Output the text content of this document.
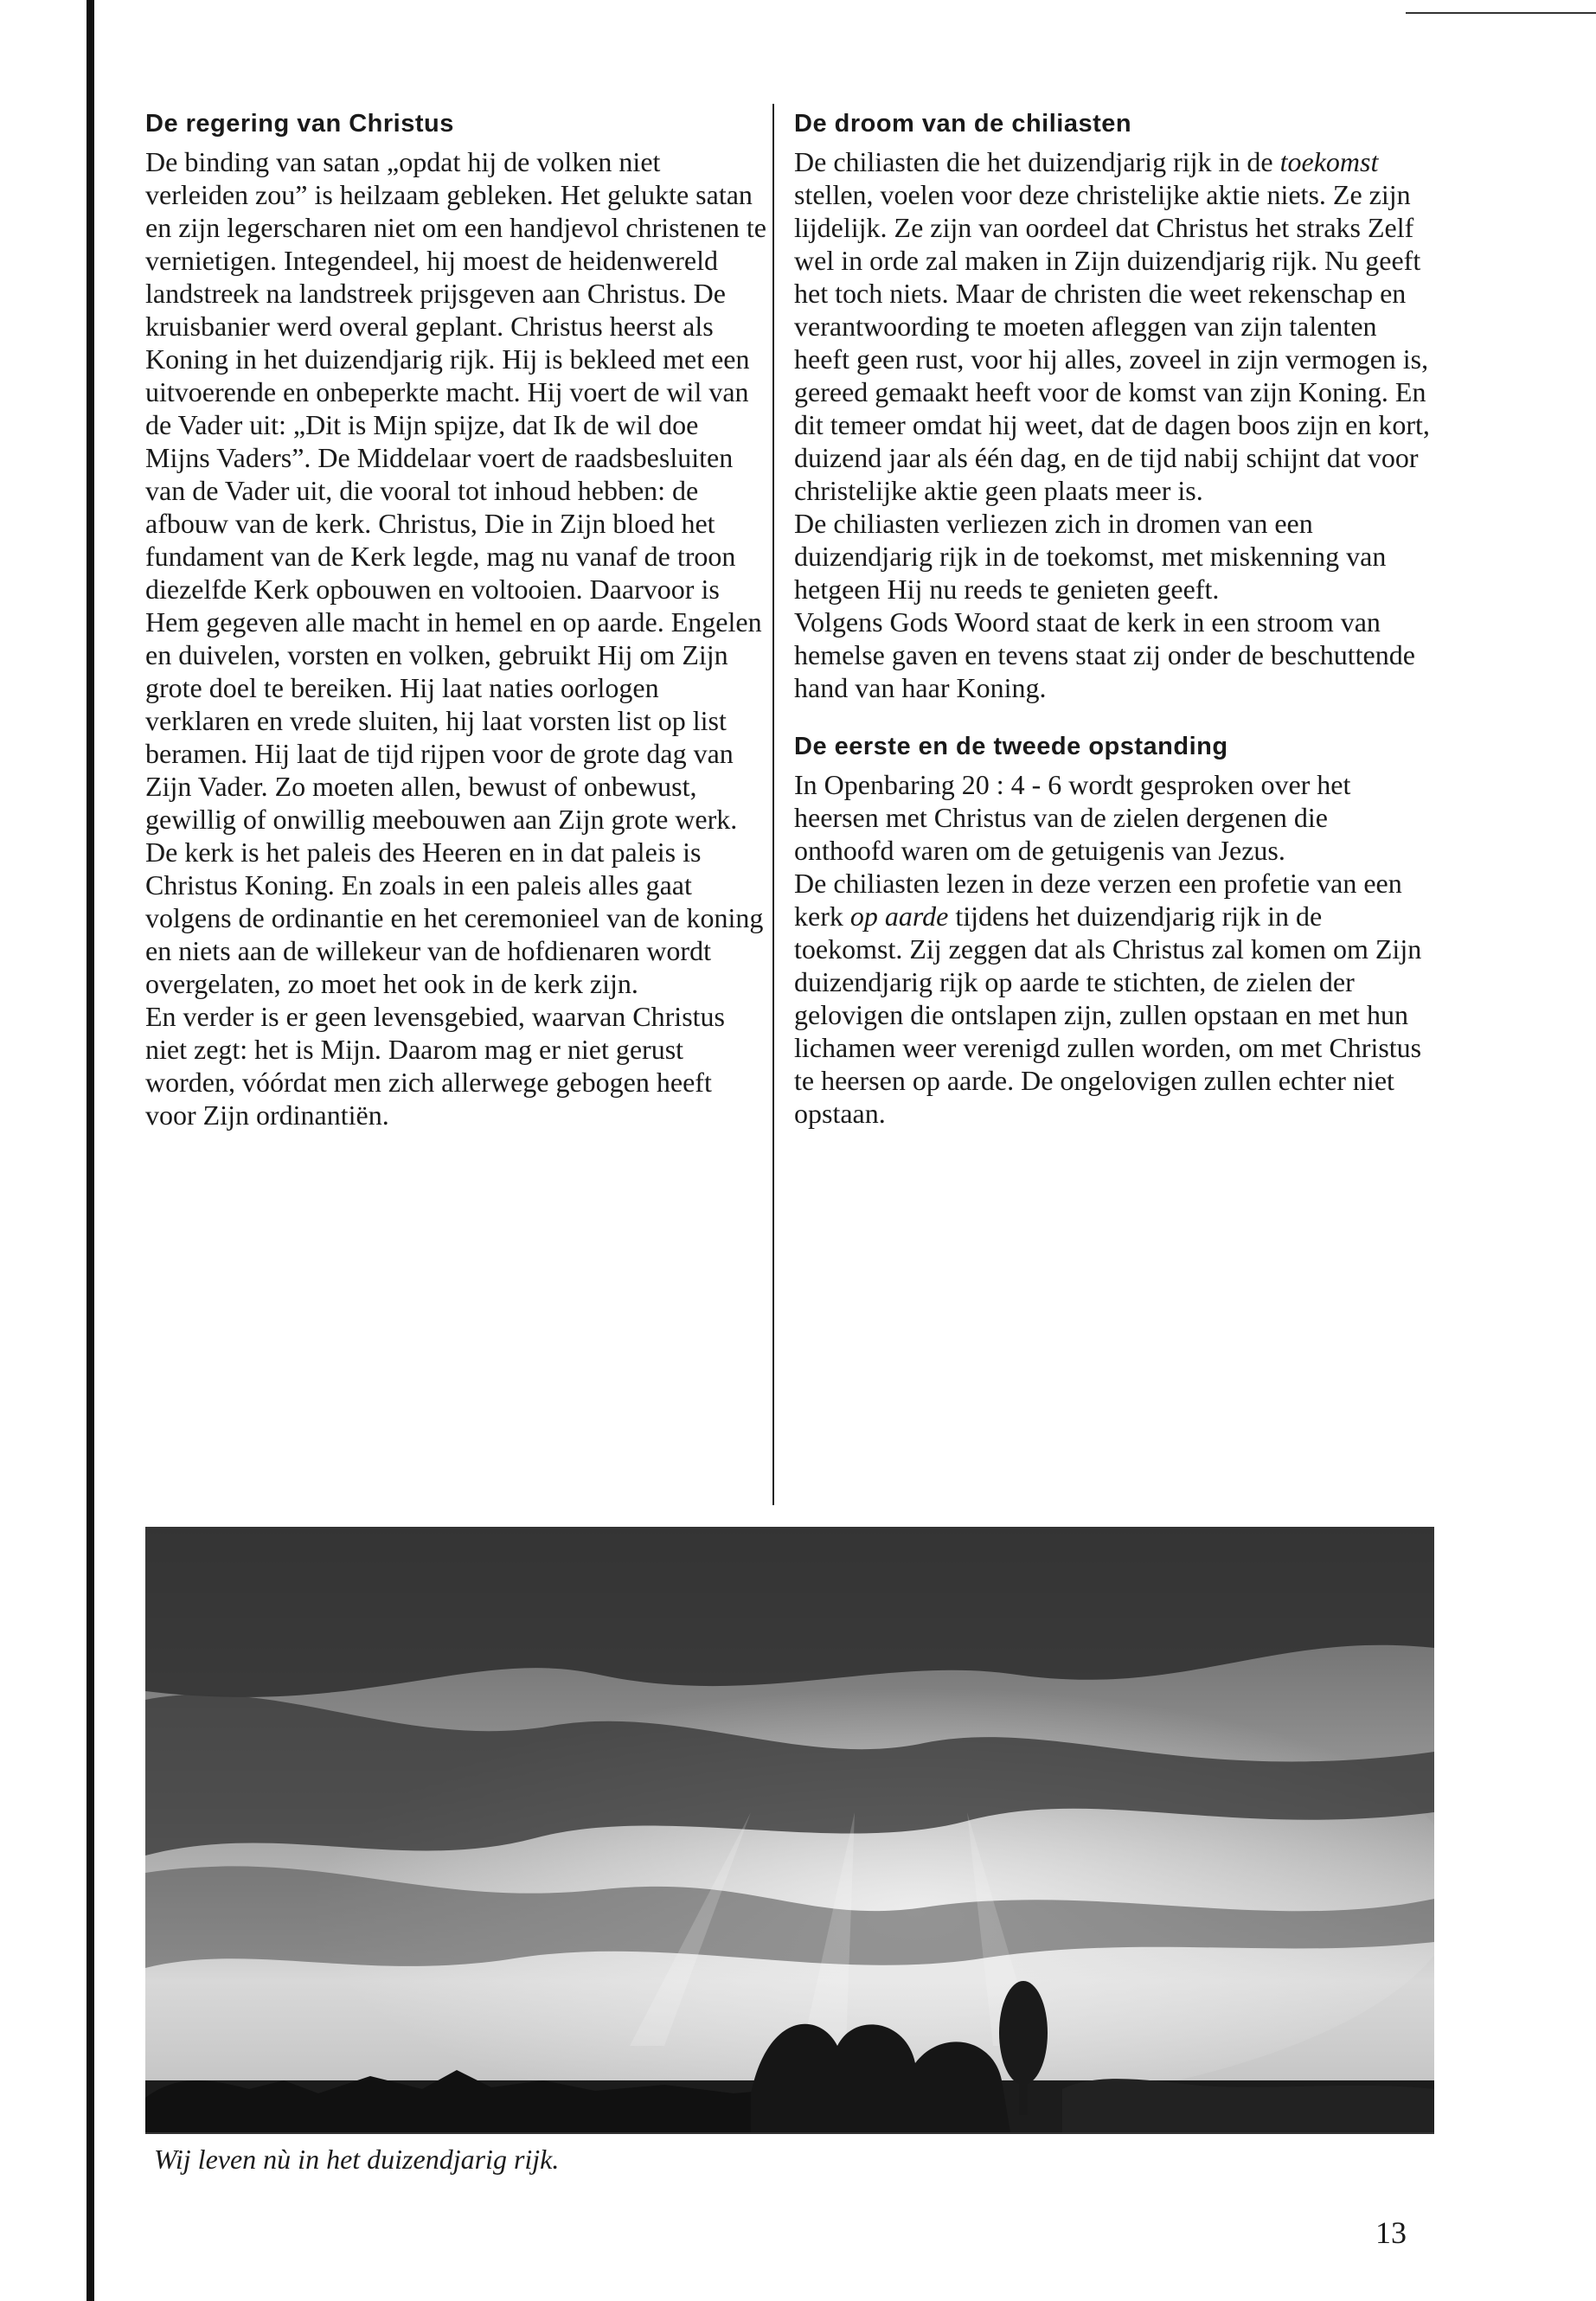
De regering van Christus

De binding van satan „opdat hij de volken niet verleiden zou” is heilzaam gebleken. Het gelukte satan en zijn legerscharen niet om een handjevol christenen te vernietigen. Integendeel, hij moest de heidenwereld landstreek na landstreek prijsgeven aan Christus. De kruisbanier werd overal geplant. Christus heerst als Koning in het duizendjarig rijk. Hij is bekleed met een uitvoerende en onbeperkte macht. Hij voert de wil van de Vader uit: „Dit is Mijn spijze, dat Ik de wil doe Mijns Vaders”. De Middelaar voert de raadsbesluiten van de Vader uit, die vooral tot inhoud hebben: de afbouw van de kerk. Christus, Die in Zijn bloed het fundament van de Kerk legde, mag nu vanaf de troon diezelfde Kerk opbouwen en voltooien. Daarvoor is Hem gegeven alle macht in hemel en op aarde. Engelen en duivelen, vorsten en volken, gebruikt Hij om Zijn grote doel te bereiken. Hij laat naties oorlogen verklaren en vrede sluiten, hij laat vorsten list op list beramen. Hij laat de tijd rijpen voor de grote dag van Zijn Vader. Zo moeten allen, bewust of onbewust, gewillig of onwillig meebouwen aan Zijn grote werk.

De kerk is het paleis des Heeren en in dat paleis is Christus Koning. En zoals in een paleis alles gaat volgens de ordinantie en het ceremonieel van de koning en niets aan de willekeur van de hofdienaren wordt overgelaten, zo moet het ook in de kerk zijn.

En verder is er geen levensgebied, waarvan Christus niet zegt: het is Mijn. Daarom mag er niet gerust worden, vóórdat men zich allerwege gebogen heeft voor Zijn ordinantiën.

De droom van de chiliasten

De chiliasten die het duizendjarig rijk in de toekomst stellen, voelen voor deze christelijke aktie niets. Ze zijn lijdelijk. Ze zijn van oordeel dat Christus het straks Zelf wel in orde zal maken in Zijn duizendjarig rijk. Nu geeft het toch niets. Maar de christen die weet rekenschap en verantwoording te moeten afleggen van zijn talenten heeft geen rust, voor hij alles, zoveel in zijn vermogen is, gereed gemaakt heeft voor de komst van zijn Koning. En dit temeer omdat hij weet, dat de dagen boos zijn en kort, duizend jaar als één dag, en de tijd nabij schijnt dat voor christelijke aktie geen plaats meer is.

De chiliasten verliezen zich in dromen van een duizendjarig rijk in de toekomst, met miskenning van hetgeen Hij nu reeds te genieten geeft.

Volgens Gods Woord staat de kerk in een stroom van hemelse gaven en tevens staat zij onder de beschuttende hand van haar Koning.

De eerste en de tweede opstanding

In Openbaring 20 : 4 - 6 wordt gesproken over het heersen met Christus van de zielen dergenen die onthoofd waren om de getuigenis van Jezus.

De chiliasten lezen in deze verzen een profetie van een kerk op aarde tijdens het duizendjarig rijk in de toekomst. Zij zeggen dat als Christus zal komen om Zijn duizendjarig rijk op aarde te stichten, de zielen der gelovigen die ontslapen zijn, zullen opstaan en met hun lichamen weer verenigd zullen worden, om met Christus te heersen op aarde. De ongelovigen zullen echter niet opstaan.

Wij leven nù in het duizendjarig rijk.
13
